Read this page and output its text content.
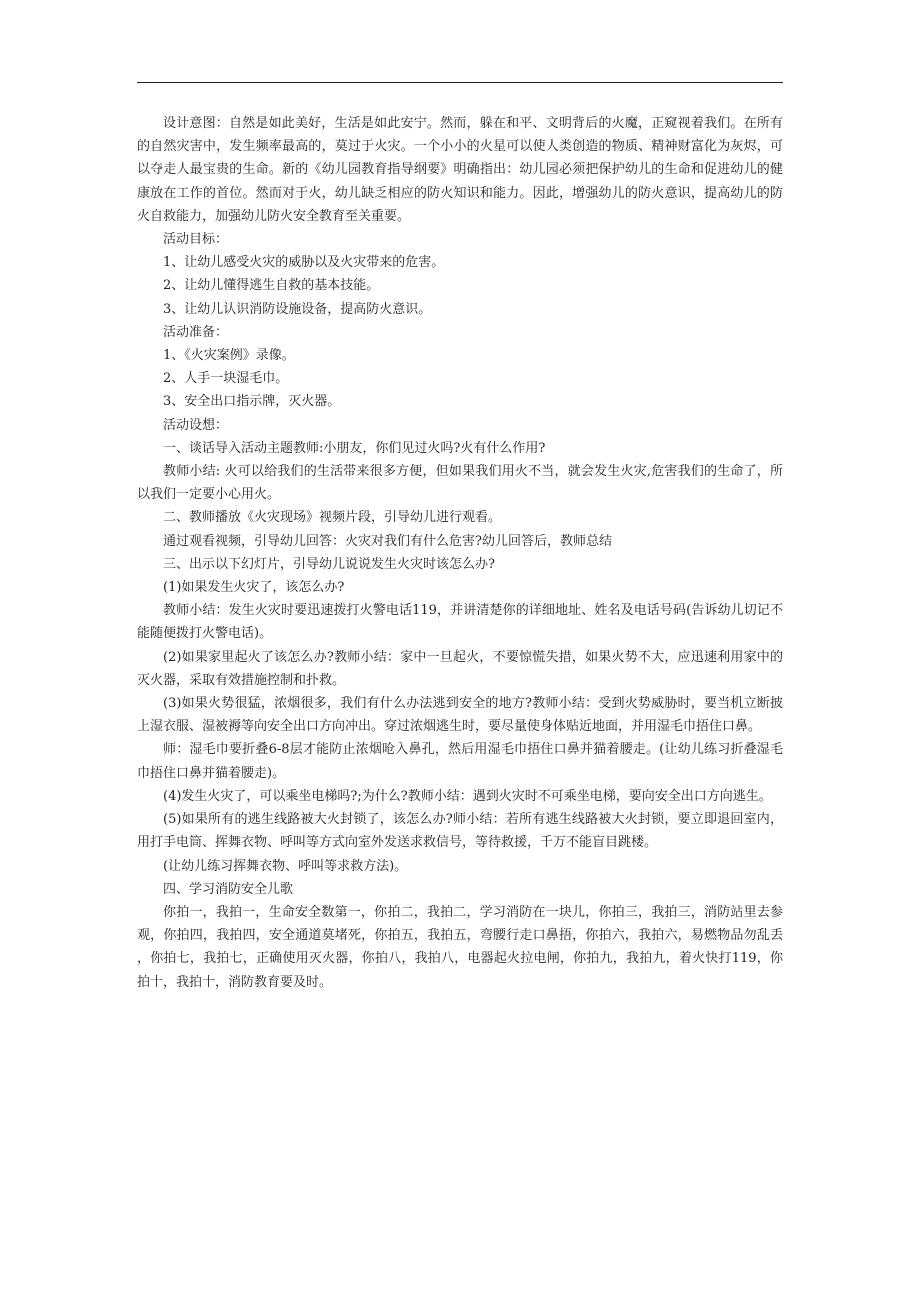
设计意图：自然是如此美好，生活是如此安宁。然而，躲在和平、文明背后的火魔，正窥视着我们。在所有的自然灾害中，发生频率最高的，莫过于火灾。一个小小的火星可以使人类创造的物质、精神财富化为灰烬，可以夺走人最宝贵的生命。新的《幼儿园教育指导纲要》明确指出：幼儿园必须把保护幼儿的生命和促进幼儿的健康放在工作的首位。然而对于火，幼儿缺乏相应的防火知识和能力。因此，增强幼儿的防火意识，提高幼儿的防火自救能力，加强幼儿防火安全教育至关重要。

活动目标：

1、让幼儿感受火灾的威胁以及火灾带来的危害。

2、让幼儿懂得逃生自救的基本技能。

3、让幼儿认识消防设施设备，提高防火意识。

活动准备：

1、《火灾案例》录像。

2、人手一块湿毛巾。

3、安全出口指示牌，灭火器。

活动设想：

一、谈话导入活动主题教师:小朋友，你们见过火吗?火有什么作用?

教师小结: 火可以给我们的生活带来很多方便，但如果我们用火不当，就会发生火灾,危害我们的生命了，所以我们一定要小心用火。

二、教师播放《火灾现场》视频片段，引导幼儿进行观看。

通过观看视频，引导幼儿回答：火灾对我们有什么危害?幼儿回答后，教师总结

三、出示以下幻灯片，引导幼儿说说发生火灾时该怎么办?

(1)如果发生火灾了，该怎么办?

教师小结：发生火灾时要迅速拨打火警电话119，并讲清楚你的详细地址、姓名及电话号码(告诉幼儿切记不能随便拨打火警电话)。

(2)如果家里起火了该怎么办?教师小结：家中一旦起火，不要惊慌失措，如果火势不大，应迅速利用家中的灭火器，采取有效措施控制和扑救。

(3)如果火势很猛，浓烟很多，我们有什么办法逃到安全的地方?教师小结：受到火势威胁时，要当机立断披上湿衣服、湿被褥等向安全出口方向冲出。穿过浓烟逃生时，要尽量使身体贴近地面，并用湿毛巾捂住口鼻。

师：湿毛巾要折叠6-8层才能防止浓烟呛入鼻孔，然后用湿毛巾捂住口鼻并猫着腰走。(让幼儿练习折叠湿毛巾捂住口鼻并猫着腰走)。

(4)发生火灾了，可以乘坐电梯吗?;为什么?教师小结：遇到火灾时不可乘坐电梯，要向安全出口方向逃生。

(5)如果所有的逃生线路被大火封锁了，该怎么办?师小结：若所有逃生线路被大火封锁，要立即退回室内，用打手电筒、挥舞衣物、呼叫等方式向室外发送求救信号，等待救援，千万不能盲目跳楼。

(让幼儿练习挥舞衣物、呼叫等求救方法)。

四、学习消防安全儿歌

你拍一，我拍一，生命安全数第一，你拍二，我拍二，学习消防在一块儿，你拍三，我拍三，消防站里去参观，你拍四，我拍四，安全通道莫堵死，你拍五，我拍五，弯腰行走口鼻捂，你拍六，我拍六，易燃物品勿乱丢，你拍七，我拍七，正确使用灭火器，你拍八，我拍八，电器起火拉电闸，你拍九，我拍九，着火快打119，你拍十，我拍十，消防教育要及时。
